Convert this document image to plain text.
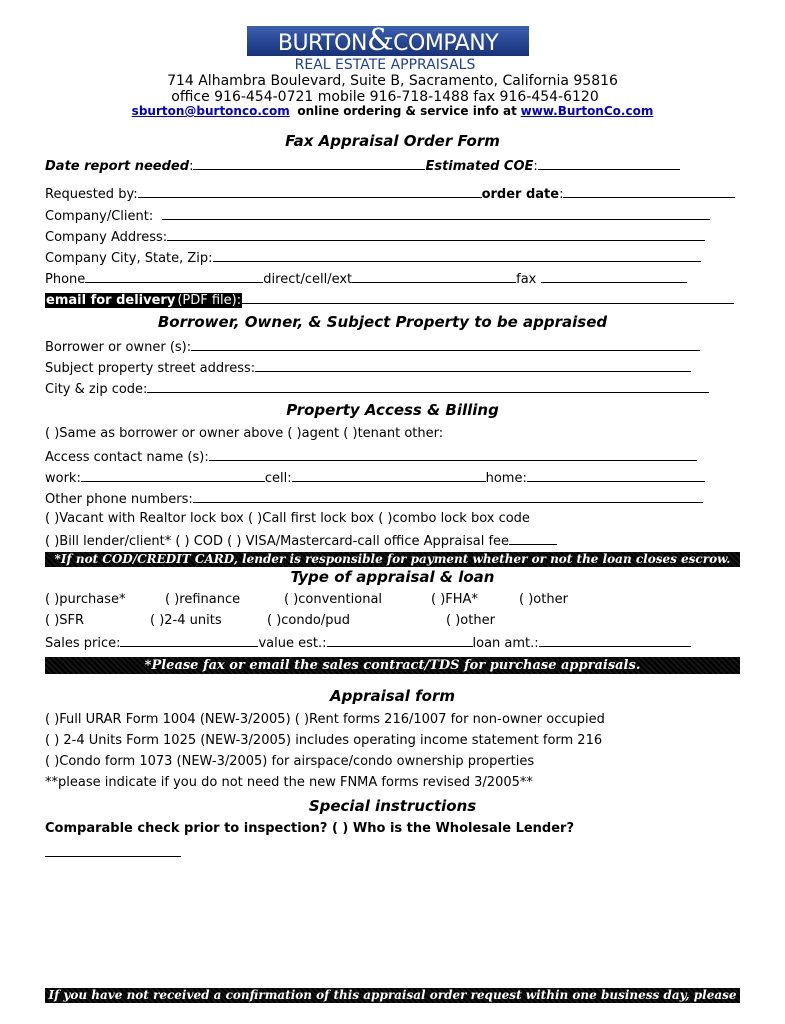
BURTON&COMPANY
REAL ESTATE APPRAISALS
714 Alhambra Boulevard, Suite B, Sacramento, California 95816
office 916-454-0721 mobile 916-718-1488 fax 916-454-6120
sburton@burtonco.com online ordering & service info at www.BurtonCo.com
Fax Appraisal Order Form
Date report needed:	Estimated COE:
Requested by:	order date:
Company/Client:
Company Address:
Company City, State, Zip:
Phone	direct/cell/ext	fax
email for delivery (PDF file):
Borrower, Owner, & Subject Property to be appraised
Borrower or owner (s):
Subject property street address:
City & zip code:
Property Access & Billing
( )Same as borrower or owner above ( )agent ( )tenant other:
Access contact name (s):
work:	cell:	home:
Other phone numbers:
( )Vacant with Realtor lock box ( )Call first lock box ( )combo lock box code
( )Bill lender/client* ( ) COD ( ) VISA/Mastercard-call office Appraisal fee
*If not COD/CREDIT CARD, lender is responsible for payment whether or not the loan closes escrow.
Type of appraisal & loan
( )purchase*	( )refinance	( )conventional	( )FHA*	( )other
( )SFR	( )2-4 units	( )condo/pud	( )other
Sales price:	value est.:	loan amt.:
*Please fax or email the sales contract/TDS for purchase appraisals.
Appraisal form
( )Full URAR Form 1004 (NEW-3/2005) ( )Rent forms 216/1007 for non-owner occupied
( ) 2-4 Units Form 1025 (NEW-3/2005) includes operating income statement form 216
( )Condo form 1073 (NEW-3/2005) for airspace/condo ownership properties
**please indicate if you do not need the new FNMA forms revised 3/2005**
Special instructions
Comparable check prior to inspection? ( ) Who is the Wholesale Lender?
If you have not received a confirmation of this appraisal order request within one business day, please call.
